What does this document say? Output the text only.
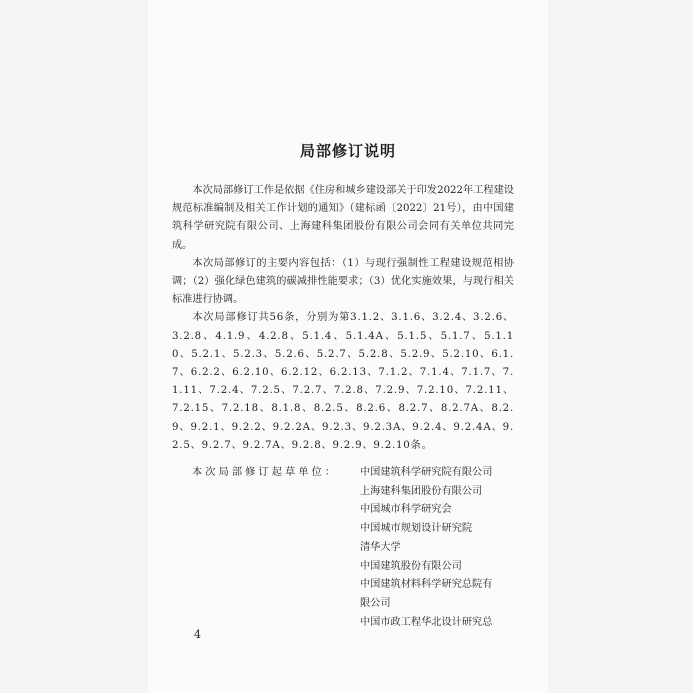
局部修订说明

本次局部修订工作是依据《住房和城乡建设部关于印发2022年工程建设规范标准编制及相关工作计划的通知》（建标函〔2022〕21号），由中国建筑科学研究院有限公司、上海建科集团股份有限公司会同有关单位共同完成。

本次局部修订的主要内容包括：（1）与现行强制性工程建设规范相协调；（2）强化绿色建筑的碳减排性能要求；（3）优化实施效果，与现行相关标准进行协调。

本次局部修订共56条，分别为第3.1.2、3.1.6、3.2.4、3.2.6、3.2.8、4.1.9、4.2.8、5.1.4、5.1.4A、5.1.5、5.1.7、5.1.10、5.2.1、5.2.3、5.2.6、5.2.7、5.2.8、5.2.9、5.2.10、6.1.7、6.2.2、6.2.10、6.2.12、6.2.13、7.1.2、7.1.4、7.1.7、7.1.11、7.2.4、7.2.5、7.2.7、7.2.8、7.2.9、7.2.10、7.2.11、7.2.15、7.2.18、8.1.8、8.2.5、8.2.6、8.2.7、8.2.7A、8.2.9、9.2.1、9.2.2、9.2.2A、9.2.3、9.2.3A、9.2.4、9.2.4A、9.2.5、9.2.7、9.2.7A、9.2.8、9.2.9、9.2.10条。

本次局部修订起草单位： 中国建筑科学研究院有限公司
上海建科集团股份有限公司
中国城市科学研究会
中国城市规划设计研究院
清华大学
中国建筑股份有限公司
中国建筑材料科学研究总院有
限公司
中国市政工程华北设计研究总
4
